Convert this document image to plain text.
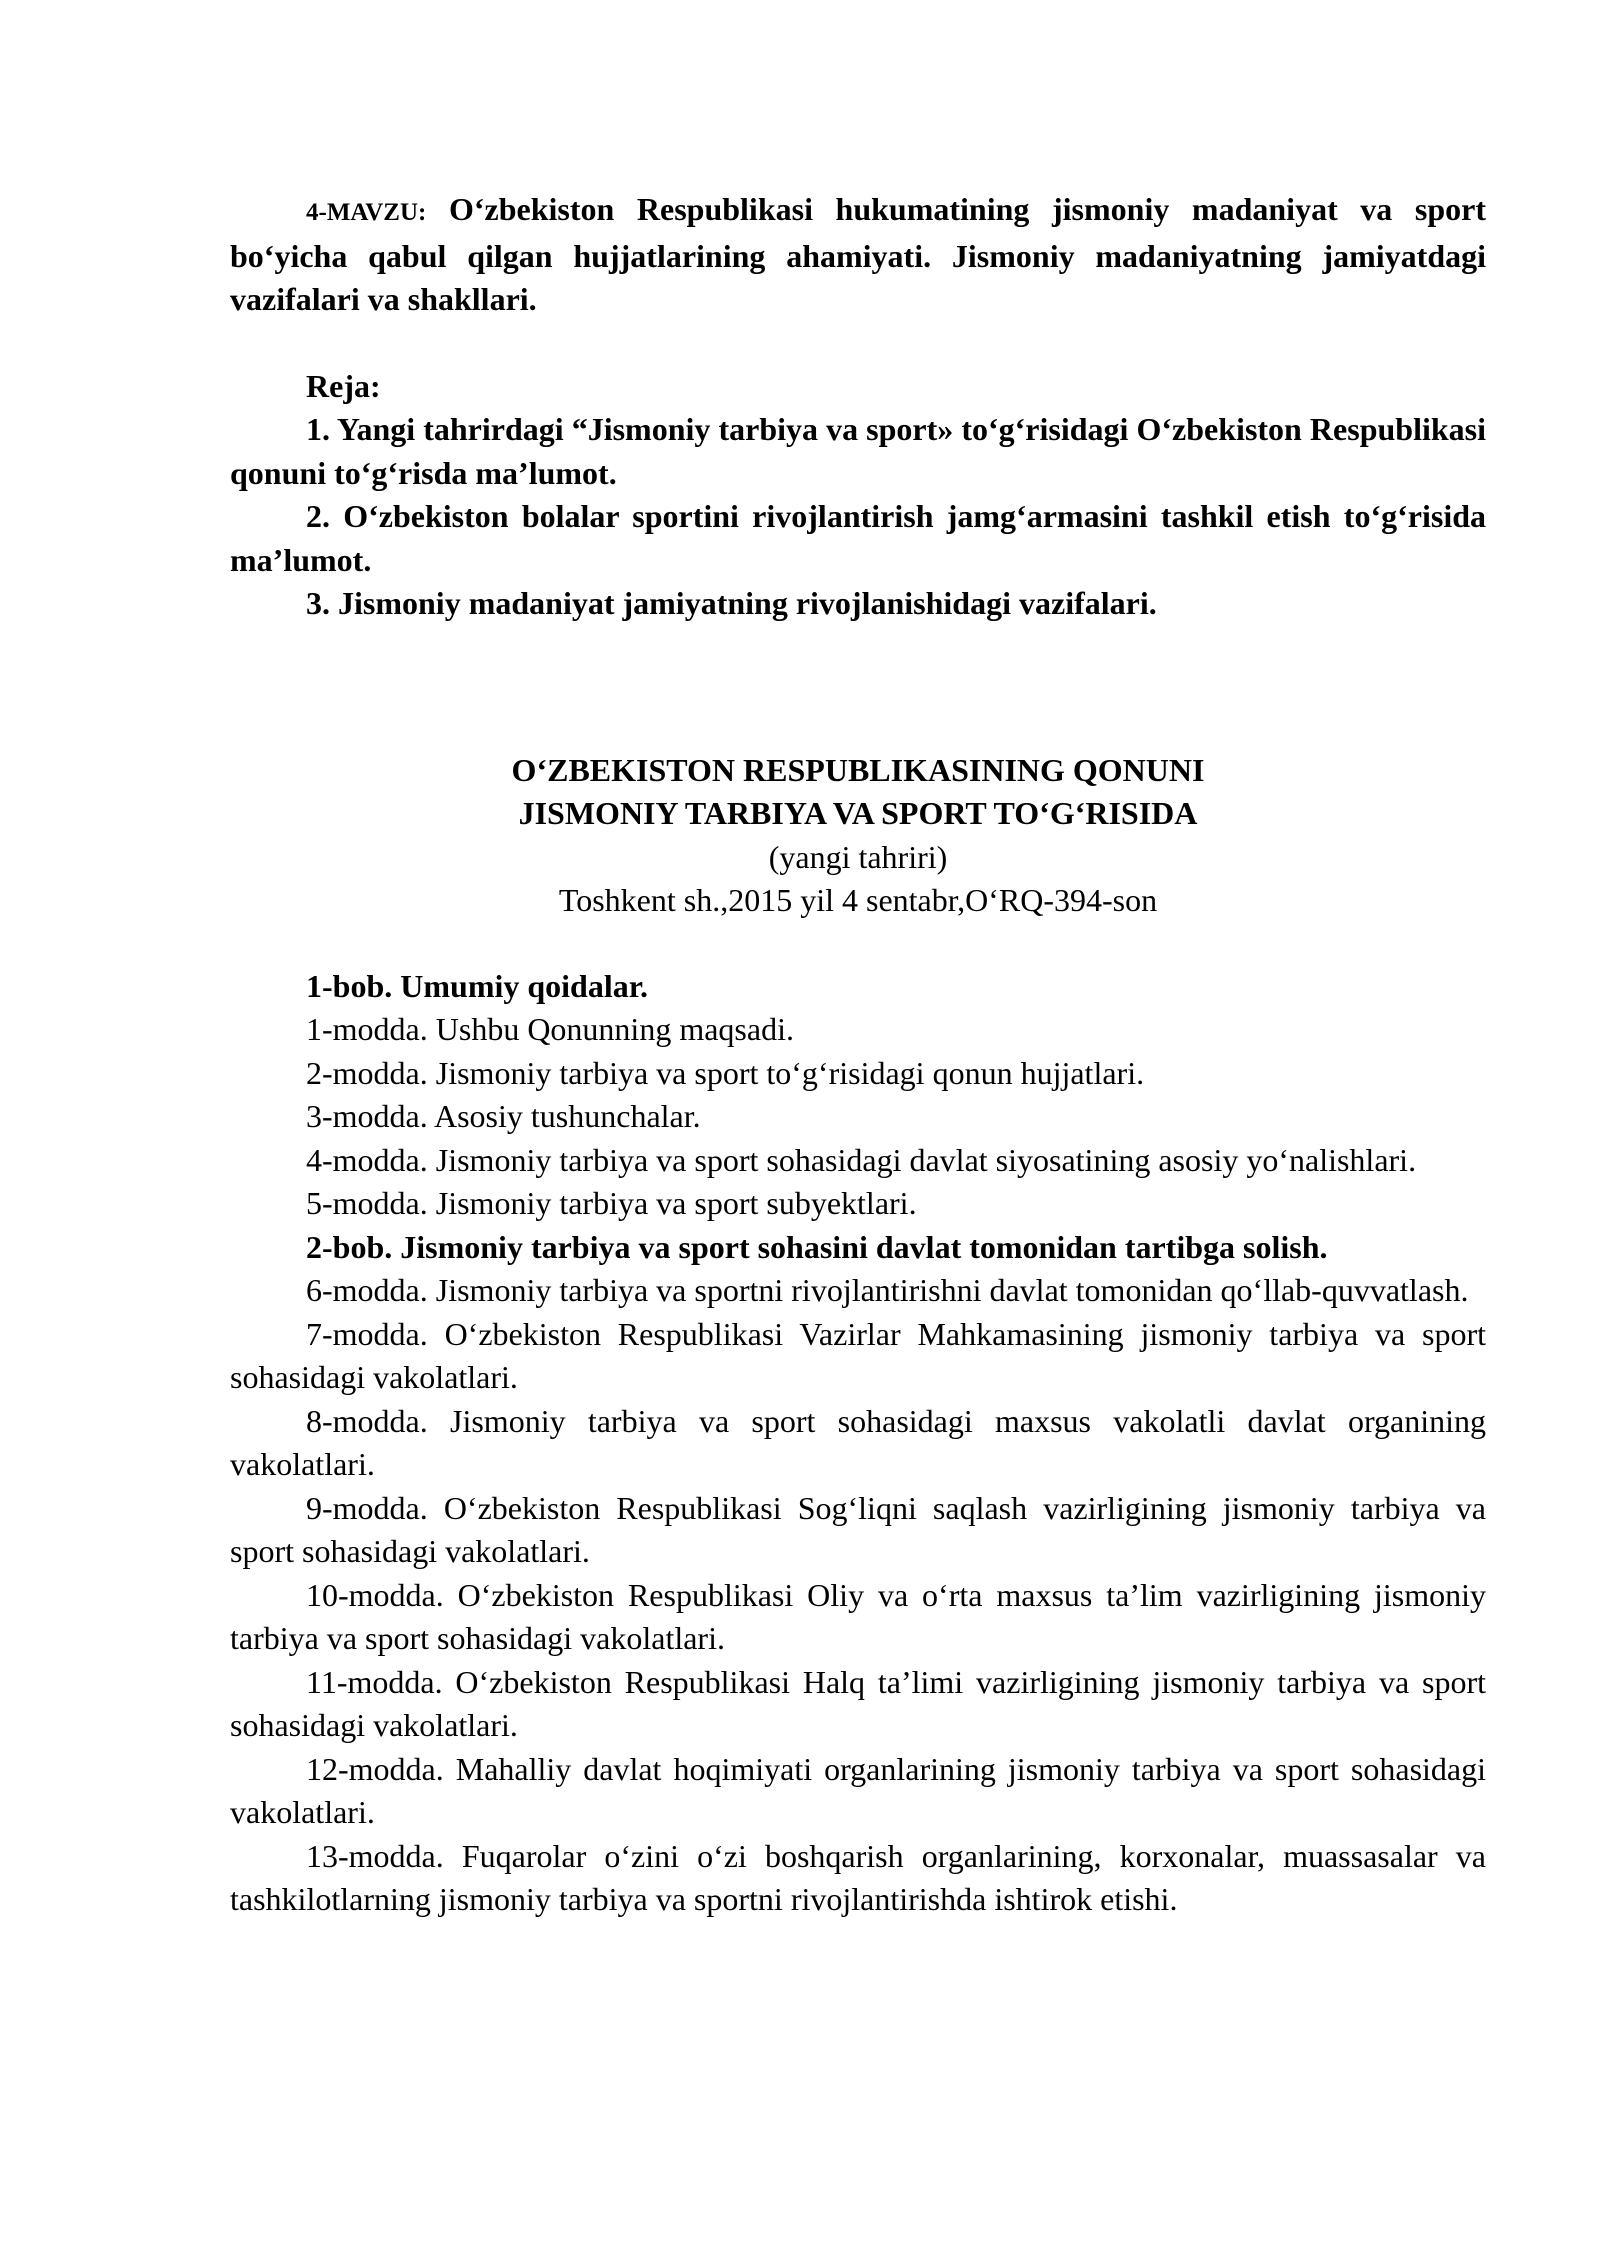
4-MAVZU: O‘zbekiston Respublikasi hukumatining jismoniy madaniyat va sport bo‘yicha qabul qilgan hujjatlarining ahamiyati. Jismoniy madaniyatning jamiyatdagi vazifalari va shakllari.

Reja:

1. Yangi tahrirdagi “Jismoniy tarbiya va sport» to‘g‘risidagi O‘zbekiston Respublikasi qonuni to‘g‘risda ma’lumot.

2. O‘zbekiston bolalar sportini rivojlantirish jamg‘armasini tashkil etish to‘g‘risida ma’lumot.

3. Jismoniy madaniyat jamiyatning rivojlanishidagi vazifalari.

O‘ZBEKISTON RESPUBLIKASINING QONUNI

JISMONIY TARBIYA VA SPORT TO‘G‘RISIDA

(yangi tahriri)

Toshkent sh.,2015 yil 4 sentabr,O‘RQ-394-son

1-bob. Umumiy qoidalar.

1-modda. Ushbu Qonunning maqsadi.

2-modda. Jismoniy tarbiya va sport to‘g‘risidagi qonun hujjatlari.

3-modda. Asosiy tushunchalar.

4-modda. Jismoniy tarbiya va sport sohasidagi davlat siyosatining asosiy yo‘nalishlari.

5-modda. Jismoniy tarbiya va sport subyektlari.

2-bob. Jismoniy tarbiya va sport sohasini davlat tomonidan tartibga solish.

6-modda. Jismoniy tarbiya va sportni rivojlantirishni davlat tomonidan qo‘llab-quvvatlash.

7-modda. O‘zbekiston Respublikasi Vazirlar Mahkamasining jismoniy tarbiya va sport sohasidagi vakolatlari.

8-modda. Jismoniy tarbiya va sport sohasidagi maxsus vakolatli davlat organining vakolatlari.

9-modda. O‘zbekiston Respublikasi Sog‘liqni saqlash vazirligining jismoniy tarbiya va sport sohasidagi vakolatlari.

10-modda. O‘zbekiston Respublikasi Oliy va o‘rta maxsus ta’lim vazirligining jismoniy tarbiya va sport sohasidagi vakolatlari.

11-modda. O‘zbekiston Respublikasi Halq ta’limi vazirligining jismoniy tarbiya va sport sohasidagi vakolatlari.

12-modda. Mahalliy davlat hoqimiyati organlarining jismoniy tarbiya va sport sohasidagi vakolatlari.

13-modda. Fuqarolar o‘zini o‘zi boshqarish organlarining, korxonalar, muassasalar va tashkilotlarning jismoniy tarbiya va sportni rivojlantirishda ishtirok etishi.
